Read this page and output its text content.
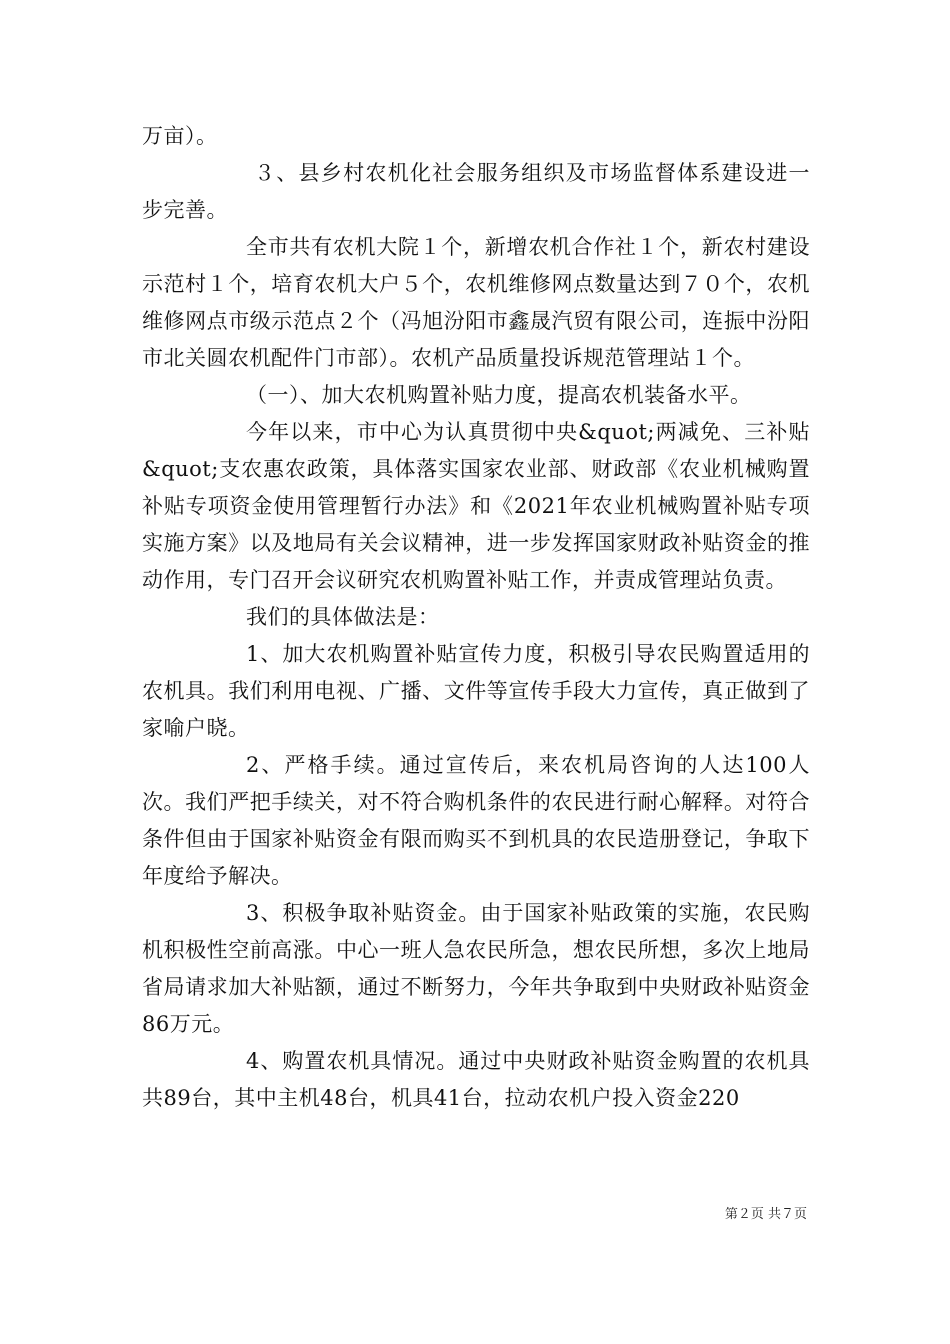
万亩）。

３、县乡村农机化社会服务组织及市场监督体系建设进一步完善。

全市共有农机大院１个，新增农机合作社１个，新农村建设示范村１个，培育农机大户５个，农机维修网点数量达到７０个，农机维修网点市级示范点２个（冯旭汾阳市鑫晟汽贸有限公司，连振中汾阳市北关圆农机配件门市部）。农机产品质量投诉规范管理站１个。

（一）、加大农机购置补贴力度，提高农机装备水平。

今年以来，市中心为认真贯彻中央&quot;两减免、三补贴&quot;支农惠农政策，具体落实国家农业部、财政部《农业机械购置补贴专项资金使用管理暂行办法》和《2021年农业机械购置补贴专项实施方案》以及地局有关会议精神，进一步发挥国家财政补贴资金的推动作用，专门召开会议研究农机购置补贴工作，并责成管理站负责。

我们的具体做法是：

1、加大农机购置补贴宣传力度，积极引导农民购置适用的农机具。我们利用电视、广播、文件等宣传手段大力宣传，真正做到了家喻户晓。

2、严格手续。通过宣传后，来农机局咨询的人达100人次。我们严把手续关，对不符合购机条件的农民进行耐心解释。对符合条件但由于国家补贴资金有限而购买不到机具的农民造册登记，争取下年度给予解决。

3、积极争取补贴资金。由于国家补贴政策的实施，农民购机积极性空前高涨。中心一班人急农民所急，想农民所想，多次上地局省局请求加大补贴额，通过不断努力，今年共争取到中央财政补贴资金86万元。

4、购置农机具情况。通过中央财政补贴资金购置的农机具共89台，其中主机48台，机具41台，拉动农机户投入资金220

第２页 共７页
